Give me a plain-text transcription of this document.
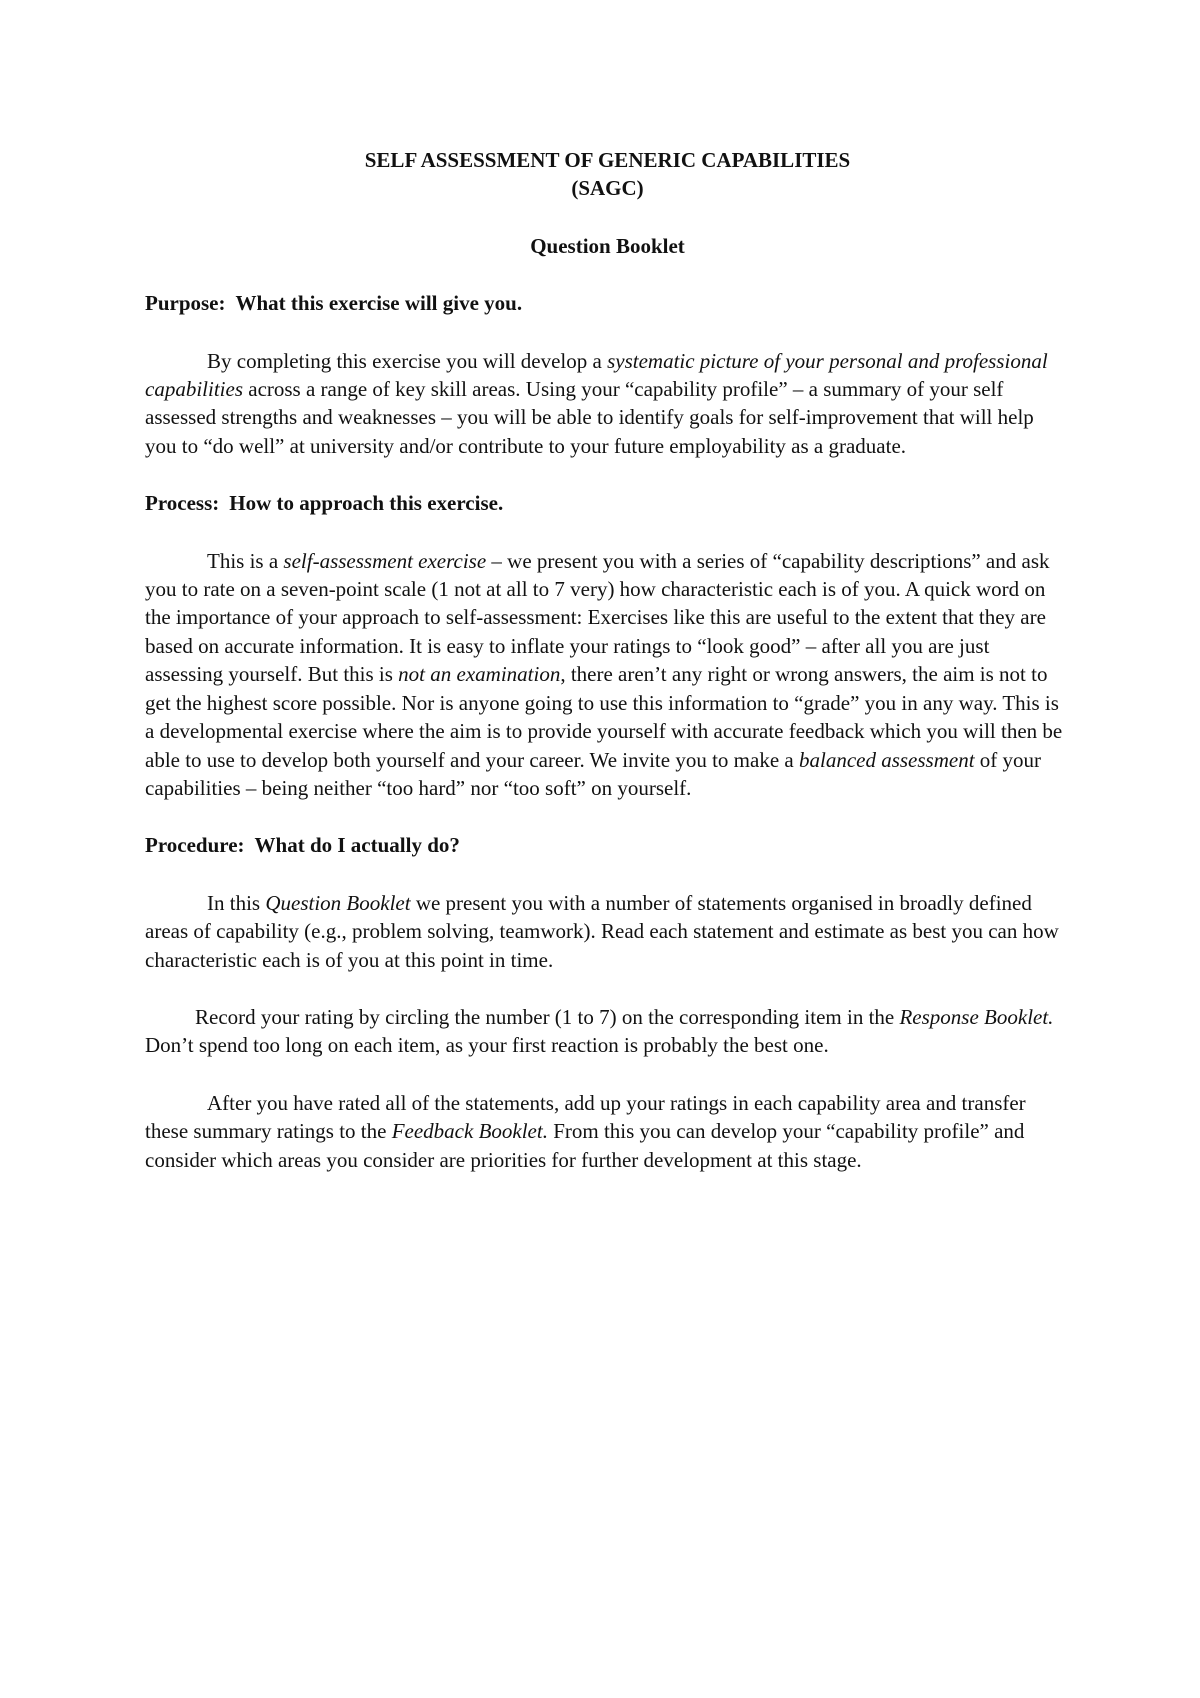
SELF ASSESSMENT OF GENERIC CAPABILITIES
(SAGC)
Question Booklet
Purpose: What this exercise will give you.

By completing this exercise you will develop a systematic picture of your personal and professional capabilities across a range of key skill areas. Using your “capability profile” – a summary of your self assessed strengths and weaknesses – you will be able to identify goals for self-improvement that will help you to “do well” at university and/or contribute to your future employability as a graduate.

Process: How to approach this exercise.

This is a self-assessment exercise – we present you with a series of “capability descriptions” and ask you to rate on a seven-point scale (1 not at all to 7 very) how characteristic each is of you. A quick word on the importance of your approach to self-assessment: Exercises like this are useful to the extent that they are based on accurate information. It is easy to inflate your ratings to “look good” – after all you are just assessing yourself. But this is not an examination, there aren’t any right or wrong answers, the aim is not to get the highest score possible. Nor is anyone going to use this information to “grade” you in any way. This is a developmental exercise where the aim is to provide yourself with accurate feedback which you will then be able to use to develop both yourself and your career. We invite you to make a balanced assessment of your capabilities – being neither “too hard” nor “too soft” on yourself.

Procedure: What do I actually do?

In this Question Booklet we present you with a number of statements organised in broadly defined areas of capability (e.g., problem solving, teamwork). Read each statement and estimate as best you can how characteristic each is of you at this point in time.

Record your rating by circling the number (1 to 7) on the corresponding item in the Response Booklet. Don’t spend too long on each item, as your first reaction is probably the best one.

After you have rated all of the statements, add up your ratings in each capability area and transfer these summary ratings to the Feedback Booklet. From this you can develop your “capability profile” and consider which areas you consider are priorities for further development at this stage.
